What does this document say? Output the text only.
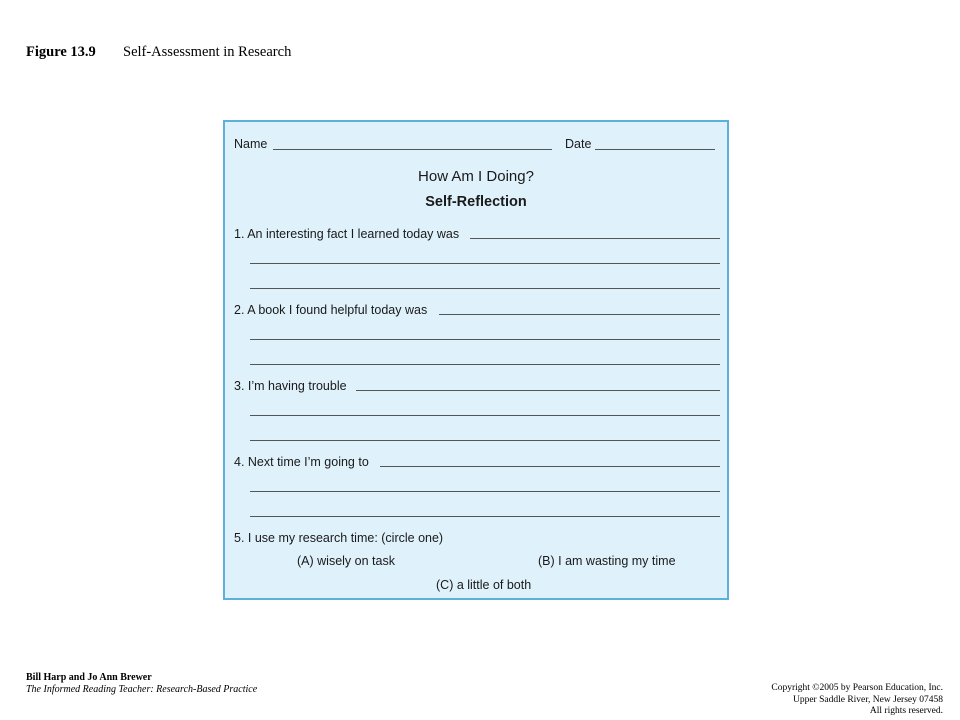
Figure 13.9 Self-Assessment in Research
Name	Date
How Am I Doing?
Self-Reflection
1. An interesting fact I learned today was
2. A book I found helpful today was
3. I’m having trouble
4. Next time I’m going to
5. I use my research time: (circle one)
(A) wisely on task	(B) I am wasting my time
(C) a little of both
Bill Harp and Jo Ann Brewer
The Informed Reading Teacher: Research-Based Practice	Copyright ©2005 by Pearson Education, Inc.
Upper Saddle River, New Jersey 07458
All rights reserved.
